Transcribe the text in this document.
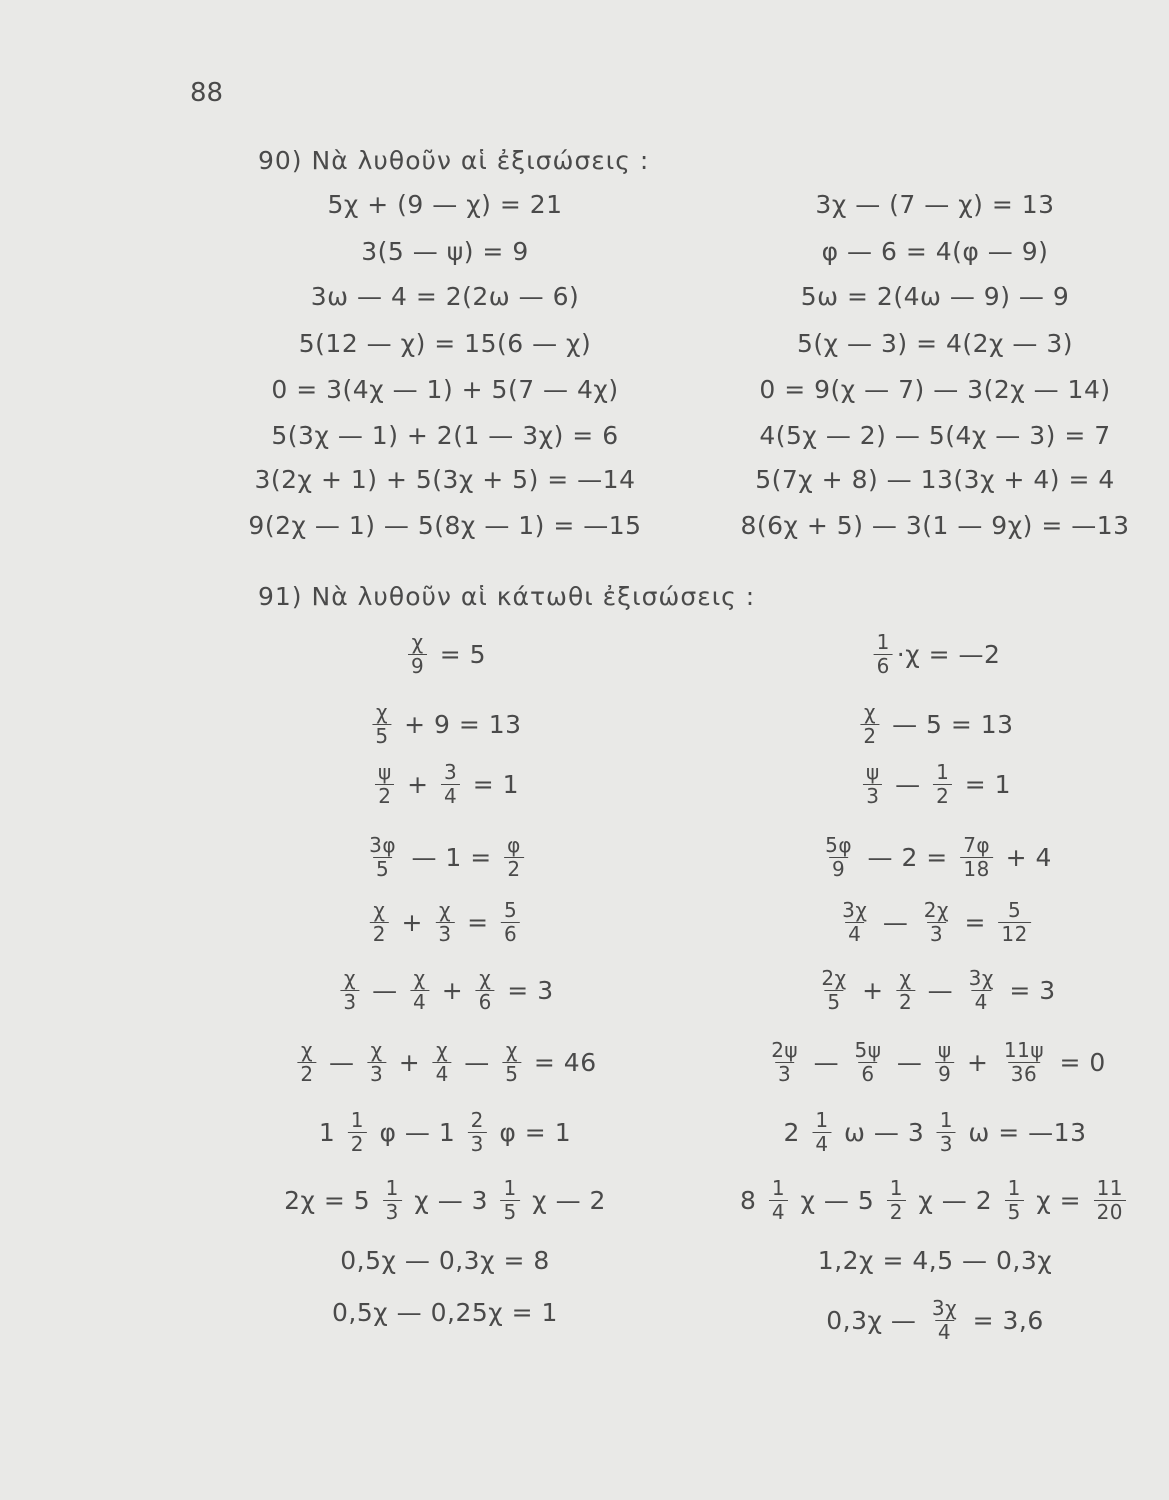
88
90) Νὰ λυθοῦν αἱ ἐξισώσεις :
5χ + (9 — χ) = 21	3χ — (7 — χ) = 13
3(5 — ψ) = 9	φ — 6 = 4(φ — 9)
3ω — 4 = 2(2ω — 6)	5ω = 2(4ω — 9) — 9
5(12 — χ) = 15(6 — χ)	5(χ — 3) = 4(2χ — 3)
0 = 3(4χ — 1) + 5(7 — 4χ)	0 = 9(χ — 7) — 3(2χ — 14)
5(3χ — 1) + 2(1 — 3χ) = 6	4(5χ — 2) — 5(4χ — 3) = 7
3(2χ + 1) + 5(3χ + 5) = —14	5(7χ + 8) — 13(3χ + 4) = 4
9(2χ — 1) — 5(8χ — 1) = —15	8(6χ + 5) — 3(1 — 9χ) = —13
91) Νὰ λυθοῦν αἱ κάτωθι ἐξισώσεις :
$\frac{\chi}{9} = 5$	$\frac{1}{6} \cdot\chi$ = —2
$\frac{\chi}{5} + 9 = 13$	$\frac{\chi}{2}$ — 5 = 13
$\frac{\psi}{2} + \frac{3}{4} = 1$	$\frac{\psi}{3}$ — $\frac{1}{2} = 1$
$\frac{3\varphi}{5}$ — $1 = \frac{\varphi}{2}$	$\frac{5\varphi}{9}$ — $2 = \frac{7\varphi}{18} + 4$
$\frac{\chi}{2} + \frac{\chi}{3} = \frac{5}{6}$	$\frac{3\chi}{4}$ — $\frac{2\chi}{3} = \frac{5}{12}$
$\frac{\chi}{3}$ — $\frac{\chi}{4} + \frac{\chi}{6} = 3$	$\frac{2\chi}{5} + \frac{\chi}{2}$ — $\frac{3\chi}{4} = 3$
$\frac{\chi}{2}$ — $\frac{\chi}{3} + \frac{\chi}{4}$ — $\frac{\chi}{5} = 46$	$\frac{2\psi}{3}$ — $\frac{5\psi}{6}$ — $\frac{\psi}{9} + \frac{11\psi}{36} = 0$
$1 \frac{1}{2}$ φ — $1 \frac{2}{3}$ φ = 1	$2 \frac{1}{4}$ ω — $3 \frac{1}{3}$ ω = —13
$2\chi = 5 \frac{1}{3}$ χ — $3 \frac{1}{5}$ χ — 2	$8 \frac{1}{4}$ χ — $5 \frac{1}{2}$ χ — $2 \frac{1}{5}$ $\chi = \frac{11}{20}$
0,5χ — 0,3χ = 8	1,2χ = 4,5 — 0,3χ
0,5χ — 0,25χ = 1	0,3χ — $\frac{3\chi}{4} = 3,6$
